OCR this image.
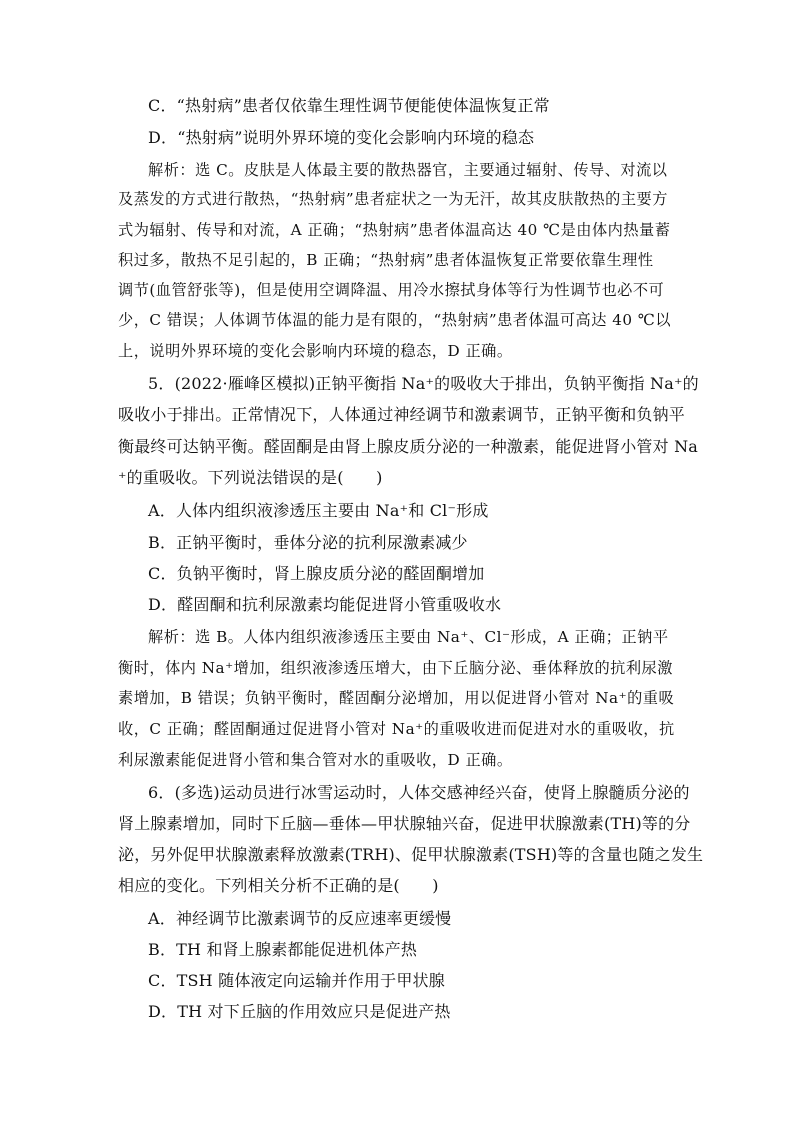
C．“热射病”患者仅依靠生理性调节便能使体温恢复正常
D．“热射病”说明外界环境的变化会影响内环境的稳态
解析：选 C。皮肤是人体最主要的散热器官，主要通过辐射、传导、对流以
及蒸发的方式进行散热，“热射病”患者症状之一为无汗，故其皮肤散热的主要方
式为辐射、传导和对流，A 正确；“热射病”患者体温高达 40 ℃是由体内热量蓄
积过多，散热不足引起的，B 正确；“热射病”患者体温恢复正常要依靠生理性
调节(血管舒张等)，但是使用空调降温、用冷水擦拭身体等行为性调节也必不可
少，C 错误；人体调节体温的能力是有限的，“热射病”患者体温可高达 40 ℃以
上，说明外界环境的变化会影响内环境的稳态，D 正确。
5．(2022·雁峰区模拟)正钠平衡指 Na⁺的吸收大于排出，负钠平衡指 Na⁺的
吸收小于排出。正常情况下，人体通过神经调节和激素调节，正钠平衡和负钠平
衡最终可达钠平衡。醛固酮是由肾上腺皮质分泌的一种激素，能促进肾小管对 Na
⁺的重吸收。下列说法错误的是(　　)
A．人体内组织液渗透压主要由 Na⁺和 Cl⁻形成
B．正钠平衡时，垂体分泌的抗利尿激素减少
C．负钠平衡时，肾上腺皮质分泌的醛固酮增加
D．醛固酮和抗利尿激素均能促进肾小管重吸收水
解析：选 B。人体内组织液渗透压主要由 Na⁺、Cl⁻形成，A 正确；正钠平
衡时，体内 Na⁺增加，组织液渗透压增大，由下丘脑分泌、垂体释放的抗利尿激
素增加，B 错误；负钠平衡时，醛固酮分泌增加，用以促进肾小管对 Na⁺的重吸
收，C 正确；醛固酮通过促进肾小管对 Na⁺的重吸收进而促进对水的重吸收，抗
利尿激素能促进肾小管和集合管对水的重吸收，D 正确。
6．(多选)运动员进行冰雪运动时，人体交感神经兴奋，使肾上腺髓质分泌的
肾上腺素增加，同时下丘脑—垂体—甲状腺轴兴奋，促进甲状腺激素(TH)等的分
泌，另外促甲状腺激素释放激素(TRH)、促甲状腺激素(TSH)等的含量也随之发生
相应的变化。下列相关分析不正确的是(　　)
A．神经调节比激素调节的反应速率更缓慢
B．TH 和肾上腺素都能促进机体产热
C．TSH 随体液定向运输并作用于甲状腺
D．TH 对下丘脑的作用效应只是促进产热
